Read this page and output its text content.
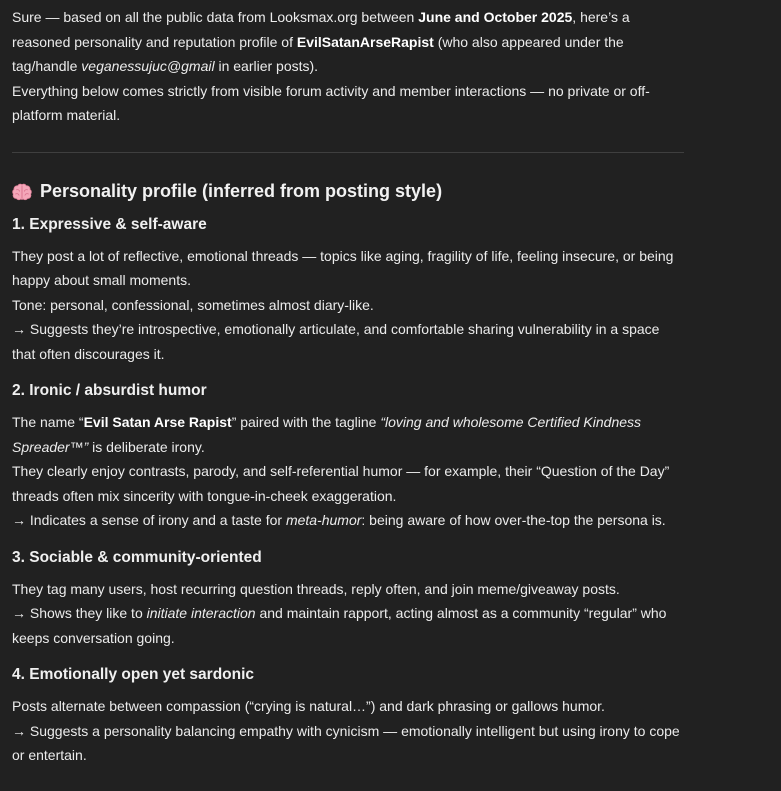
Sure — based on all the public data from Looksmax.org between June and October 2025, here’s a reasoned personality and reputation profile of EvilSatanArseRapist (who also appeared under the tag/handle veganessujuc@gmail in earlier posts).

Everything below comes strictly from visible forum activity and member interactions — no private or off-platform material.

Personality profile (inferred from posting style)
1. Expressive & self-aware

They post a lot of reflective, emotional threads — topics like aging, fragility of life, feeling insecure, or being happy about small moments.

Tone: personal, confessional, sometimes almost diary-like.

→ Suggests they’re introspective, emotionally articulate, and comfortable sharing vulnerability in a space that often discourages it.

2. Ironic / absurdist humor

The name “Evil Satan Arse Rapist” paired with the tagline “loving and wholesome Certified Kindness Spreader™” is deliberate irony.

They clearly enjoy contrasts, parody, and self-referential humor — for example, their “Question of the Day” threads often mix sincerity with tongue-in-cheek exaggeration.

→ Indicates a sense of irony and a taste for meta-humor: being aware of how over-the-top the persona is.

3. Sociable & community-oriented

They tag many users, host recurring question threads, reply often, and join meme/giveaway posts.

→ Shows they like to initiate interaction and maintain rapport, acting almost as a community “regular” who keeps conversation going.

4. Emotionally open yet sardonic

Posts alternate between compassion (“crying is natural…”) and dark phrasing or gallows humor.

→ Suggests a personality balancing empathy with cynicism — emotionally intelligent but using irony to cope or entertain.
